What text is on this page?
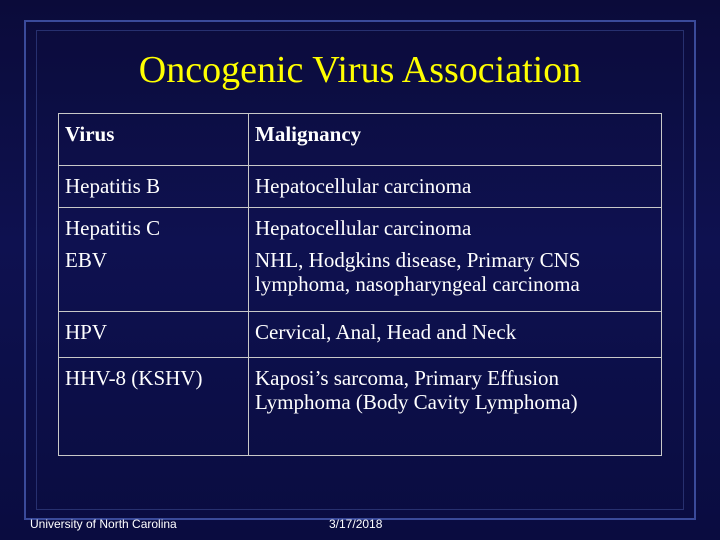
Oncogenic Virus Association
Virus	Malignancy
Hepatitis B	Hepatocellular carcinoma
Hepatitis C	Hepatocellular carcinoma
EBV	NHL, Hodgkins disease, Primary CNS lymphoma, nasopharyngeal carcinoma
HPV	Cervical, Anal, Head and Neck
HHV-8 (KSHV)	Kaposi’s sarcoma, Primary Effusion Lymphoma (Body Cavity Lymphoma)
University of North Carolina	3/17/2018
